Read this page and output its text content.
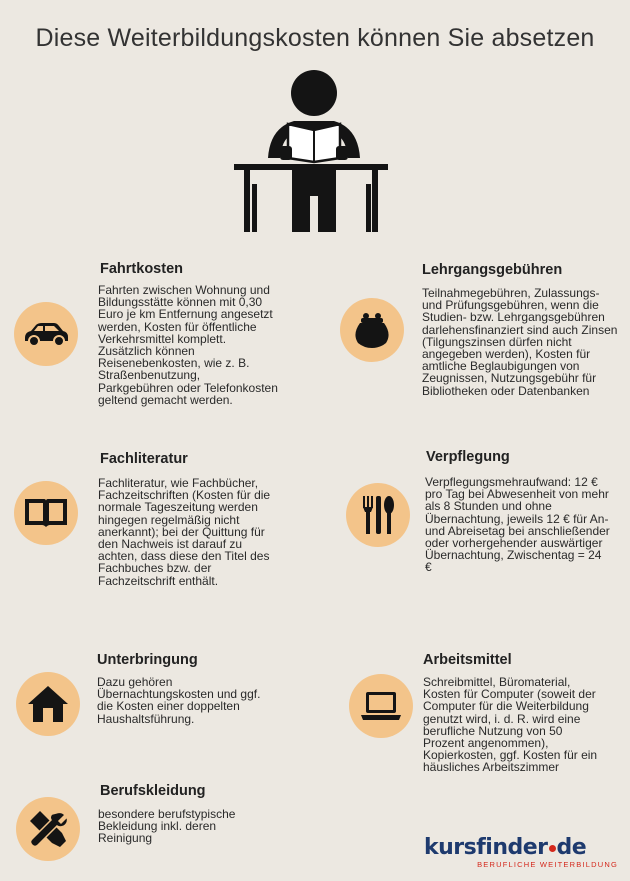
Diese Weiterbildungskosten können Sie absetzen
Fahrtkosten
Fahrten zwischen Wohnung und Bildungsstätte können mit 0,30 Euro je km Entfernung angesetzt werden, Kosten für öffentliche Verkehrsmittel komplett. Zusätzlich können Reisenebenkosten, wie z. B. Straßenbenutzung, Parkgebühren oder Telefonkosten geltend gemacht werden.
Lehrgangsgebühren
Teilnahmegebühren, Zulassungs- und Prüfungsgebühren, wenn die Studien- bzw. Lehrgangsgebühren darlehensfinanziert sind auch Zinsen (Tilgungszinsen dürfen nicht angegeben werden), Kosten für amtliche Beglaubigungen von Zeugnissen, Nutzungsgebühr für Bibliotheken oder Datenbanken
Fachliteratur
Fachliteratur, wie Fachbücher, Fachzeitschriften (Kosten für die normale Tageszeitung werden hingegen regelmäßig nicht anerkannt); bei der Quittung für den Nachweis ist darauf zu achten, dass diese den Titel des Fachbuches bzw. der Fachzeitschrift enthält.
Verpflegung
Verpflegungsmehraufwand: 12 € pro Tag bei Abwesenheit von mehr als 8 Stunden und ohne Übernachtung, jeweils 12 € für An- und Abreisetag bei anschließender oder vorhergehender auswärtiger Übernachtung, Zwischentag = 24 €
Unterbringung
Dazu gehören Übernachtungskosten und ggf. die Kosten einer doppelten Haushaltsführung.
Arbeitsmittel
Schreibmittel, Büromaterial, Kosten für Computer (soweit der Computer für die Weiterbildung genutzt wird, i. d. R. wird eine berufliche Nutzung von 50 Prozent angenommen), Kopierkosten, ggf. Kosten für ein häusliches Arbeitszimmer
Berufskleidung
besondere berufstypische Bekleidung inkl. deren Reinigung	kursfinder de
BERUFLICHE WEITERBILDUNG
